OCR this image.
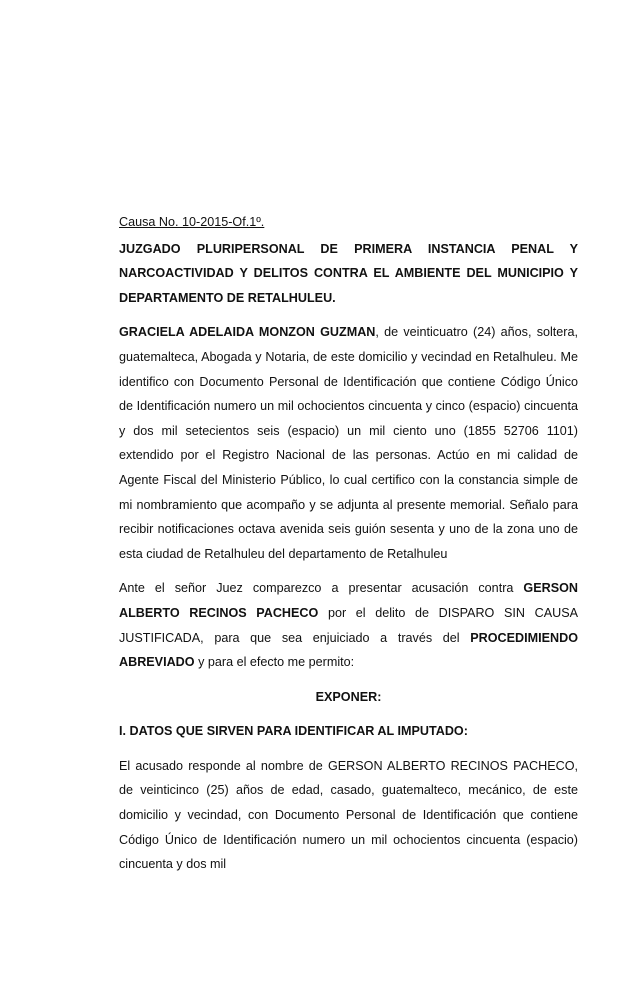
Causa No. 10-2015-Of.1º.
JUZGADO PLURIPERSONAL DE PRIMERA INSTANCIA PENAL Y
NARCOACTIVIDAD Y DELITOS CONTRA EL AMBIENTE DEL MUNICIPIO Y
DEPARTAMENTO DE RETALHULEU.

GRACIELA ADELAIDA MONZON GUZMAN, de veinticuatro (24) años, soltera, guatemalteca, Abogada y Notaria, de este domicilio y vecindad en Retalhuleu. Me identifico con Documento Personal de Identificación que contiene Código Único de Identificación numero un mil ochocientos cincuenta y cinco (espacio) cincuenta y dos mil setecientos seis (espacio) un mil ciento uno (1855 52706 1101) extendido por el Registro Nacional de las personas. Actúo en mi calidad de Agente Fiscal del Ministerio Público, lo cual certifico con la constancia simple de mi nombramiento que acompaño y se adjunta al presente memorial. Señalo para recibir notificaciones octava avenida seis guión sesenta y uno de la zona uno de esta ciudad de Retalhuleu del departamento de Retalhuleu

Ante el señor Juez comparezco a presentar acusación contra GERSON ALBERTO RECINOS PACHECO por el delito de DISPARO SIN CAUSA JUSTIFICADA, para que sea enjuiciado a través del PROCEDIMIENDO ABREVIADO y para el efecto me permito:

EXPONER:
I. DATOS QUE SIRVEN PARA IDENTIFICAR AL IMPUTADO:

El acusado responde al nombre de GERSON ALBERTO RECINOS PACHECO, de veinticinco (25) años de edad, casado, guatemalteco, mecánico, de este domicilio y vecindad, con Documento Personal de Identificación que contiene Código Único de Identificación numero un mil ochocientos cincuenta (espacio) cincuenta y dos mil
